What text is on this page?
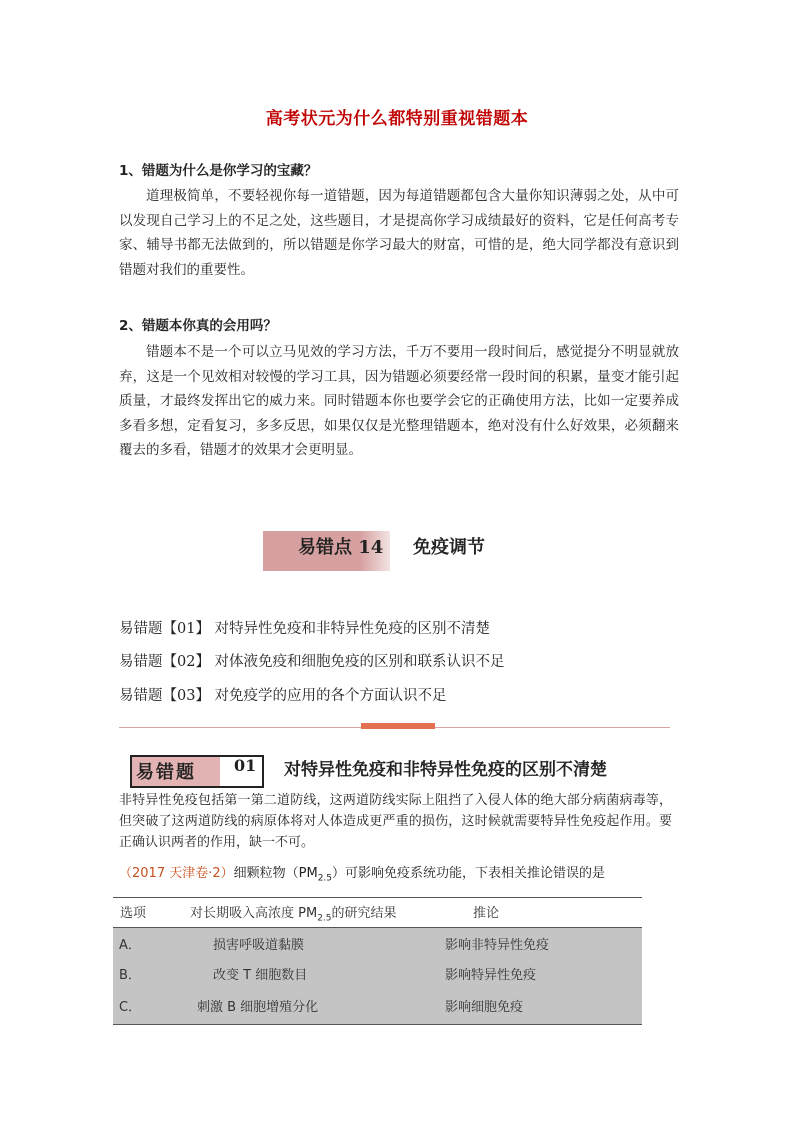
高考状元为什么都特别重视错题本
1、错题为什么是你学习的宝藏？
道理极简单，不要轻视你每一道错题，因为每道错题都包含大量你知识薄弱之处，从中可以发现自己学习上的不足之处，这些题目，才是提高你学习成绩最好的资料，它是任何高考专家、辅导书都无法做到的，所以错题是你学习最大的财富，可惜的是，绝大同学都没有意识到错题对我们的重要性。
2、错题本你真的会用吗？
错题本不是一个可以立马见效的学习方法，千万不要用一段时间后，感觉提分不明显就放弃，这是一个见效相对较慢的学习工具，因为错题必须要经常一段时间的积累，量变才能引起质量，才最终发挥出它的威力来。同时错题本你也要学会它的正确使用方法，比如一定要养成多看多想，定看复习，多多反思，如果仅仅是光整理错题本，绝对没有什么好效果，必须翻来覆去的多看，错题才的效果才会更明显。
易错点 14 免疫调节
易错题【01】 对特异性免疫和非特异性免疫的区别不清楚
易错题【02】 对体液免疫和细胞免疫的区别和联系认识不足
易错题【03】 对免疫学的应用的各个方面认识不足
易错题 01 对特异性免疫和非特异性免疫的区别不清楚
非特异性免疫包括第一第二道防线，这两道防线实际上阻挡了入侵人体的绝大部分病菌病毒等，但突破了这两道防线的病原体将对人体造成更严重的损伤，这时候就需要特异性免疫起作用。要正确认识两者的作用，缺一不可。
（2017 天津卷·2）细颗粒物$(PM_{2.5})$可影响免疫系统功能，下表相关推论错误的是
选项	对长期吸入高浓度 $PM_{2.5}$的研究结果	推论
A．	损害呼吸道黏膜	影响非特异性免疫
B．	改变 T 细胞数目	影响特异性免疫
C．	刺激 B 细胞增殖分化	影响细胞免疫
